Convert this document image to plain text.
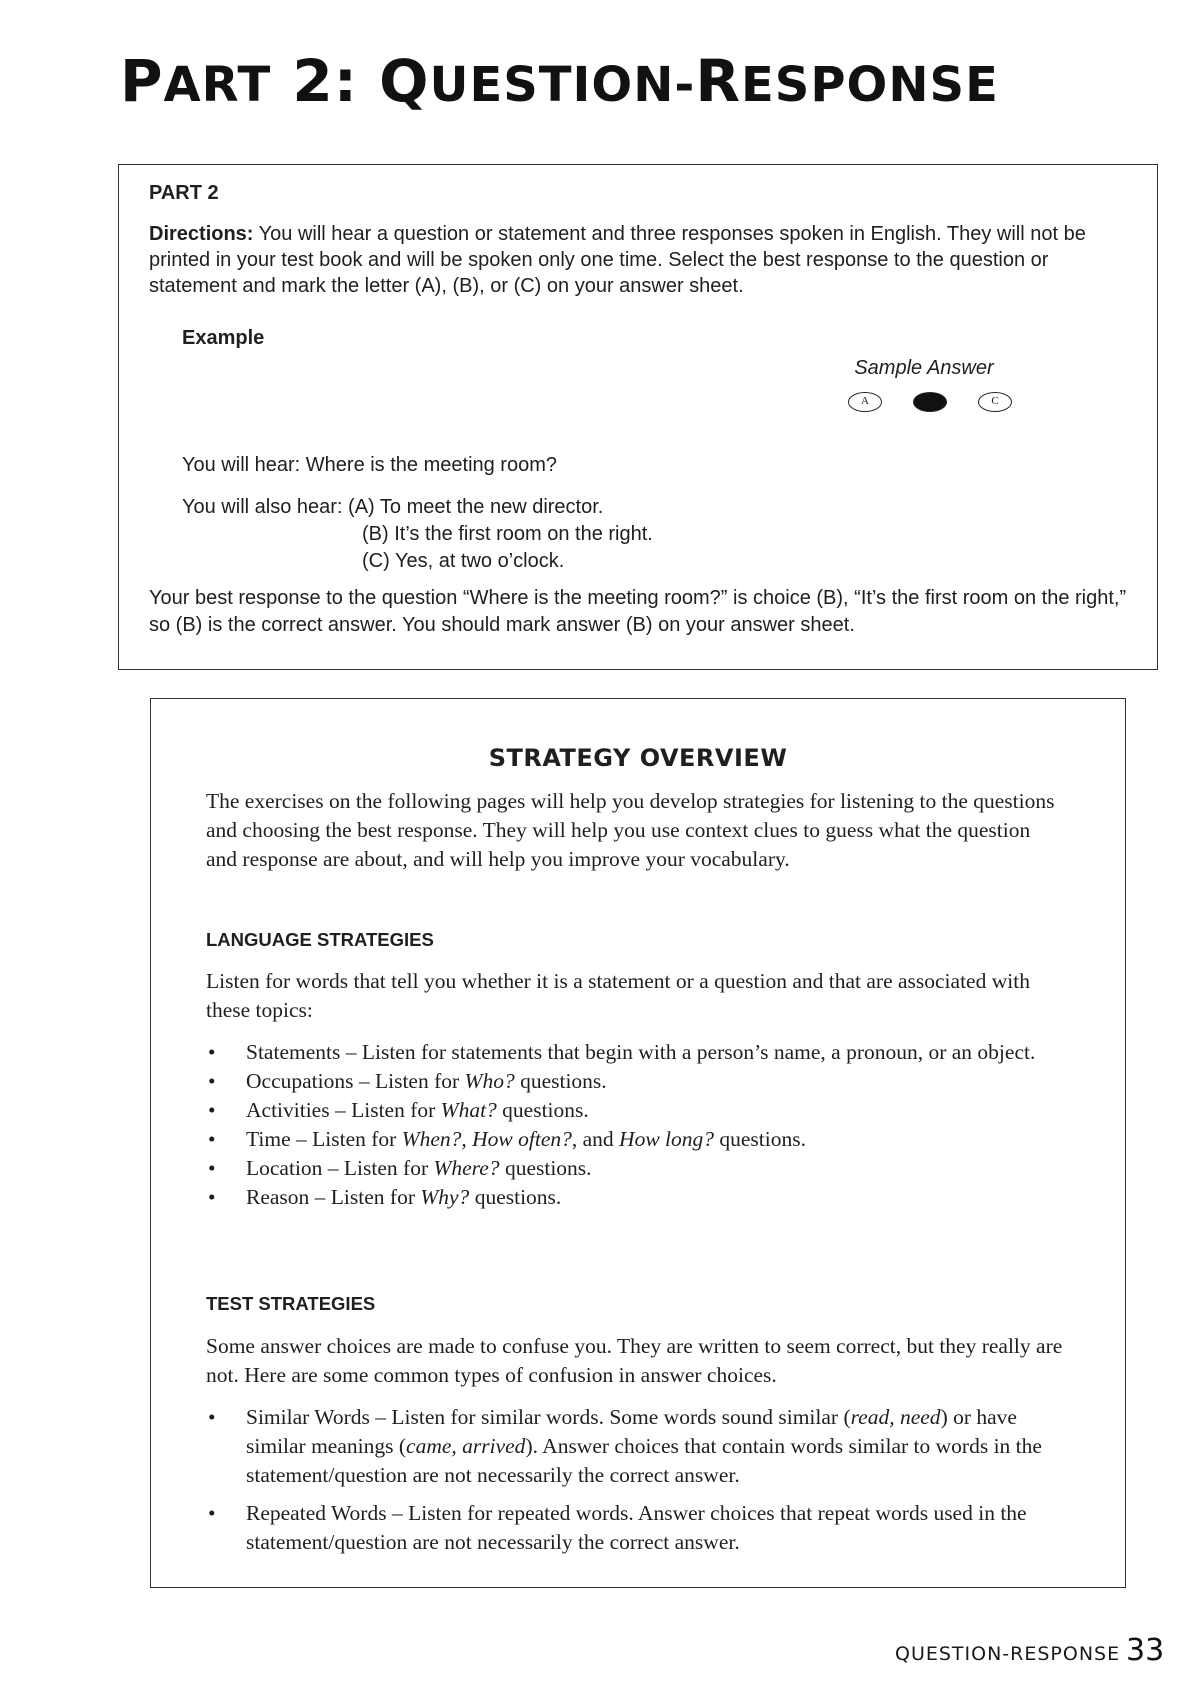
PART 2: QUESTION-RESPONSE
PART 2

Directions: You will hear a question or statement and three responses spoken in English. They will not be printed in your test book and will be spoken only one time. Select the best response to the question or statement and mark the letter (A), (B), or (C) on your answer sheet.

Example
Sample Answer
A	C
You will hear: Where is the meeting room?
You will also hear: (A) To meet the new director.
(B) It’s the first room on the right.
(C) Yes, at two o’clock.

Your best response to the question “Where is the meeting room?” is choice (B), “It’s the first room on the right,” so (B) is the correct answer. You should mark answer (B) on your answer sheet.

STRATEGY OVERVIEW

The exercises on the following pages will help you develop strategies for listening to the questions and choosing the best response. They will help you use context clues to guess what the question and response are about, and will help you improve your vocabulary.

LANGUAGE STRATEGIES

Listen for words that tell you whether it is a statement or a question and that are associated with these topics:

• Statements – Listen for statements that begin with a person’s name, a pronoun, or an object.
• Occupations – Listen for Who? questions.
• Activities – Listen for What? questions.
• Time – Listen for When?, How often?, and How long? questions.
• Location – Listen for Where? questions.
• Reason – Listen for Why? questions.
TEST STRATEGIES

Some answer choices are made to confuse you. They are written to seem correct, but they really are not. Here are some common types of confusion in answer choices.

• Similar Words – Listen for similar words. Some words sound similar (read, need) or have similar meanings (came, arrived). Answer choices that contain words similar to words in the statement/question are not necessarily the correct answer.
• Repeated Words – Listen for repeated words. Answer choices that repeat words used in the statement/question are not necessarily the correct answer.
QUESTION-RESPONSE 33
